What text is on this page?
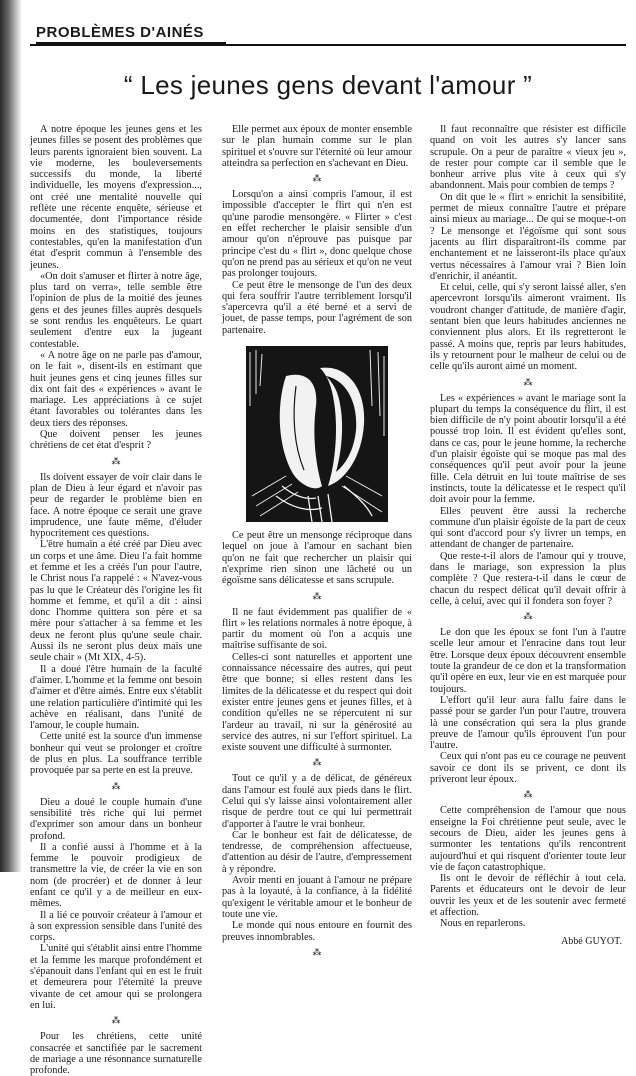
PROBLÈMES D'AINÉS
“ Les jeunes gens devant l'amour ”

A notre époque les jeunes gens et les jeunes filles se posent des problèmes que leurs parents ignoraient bien souvent. La vie moderne, les bouleversements successifs du monde, la liberté individuelle, les moyens d'expression..., ont créé une mentalité nouvelle qui reflète une récente enquête, sérieuse et documentée, dont l'importance réside moins en des statistiques, toujours contestables, qu'en la manifestation d'un état d'esprit commun à l'ensemble des jeunes.

«On doit s'amuser et flirter à notre âge, plus tard on verra», telle semble être l'opinion de plus de la moitié des jeunes gens et des jeunes filles auprès desquels se sont rendus les enquêteurs. Le quart seulement d'entre eux la jugeant contestable.

« A notre âge on ne parle pas d'amour, on le fait », disent-ils en estimant que huit jeunes gens et cinq jeunes filles sur dix ont fait des « expériences » avant le mariage. Les appréciations à ce sujet étant favorables ou tolérantes dans les deux tiers des réponses.

Que doivent penser les jeunes chrétiens de cet état d'esprit ?

⁂

Ils doivent essayer de voir clair dans le plan de Dieu à leur égard et n'avoir pas peur de regarder le problème bien en face. A notre époque ce serait une grave imprudence, une faute même, d'éluder hypocritement ces questions.

L'être humain a été créé par Dieu avec un corps et une âme. Dieu l'a fait homme et femme et les a créés l'un pour l'autre, le Christ nous l'a rappelé : « N'avez-vous pas lu que le Créateur dès l'origine les fit homme et femme, et qu'il a dit : ainsi donc l'homme quittera son père et sa mère pour s'attacher à sa femme et les deux ne feront plus qu'une seule chair. Aussi ils ne seront plus deux mais une seule chair » (Mt XIX, 4-5).

Il a doué l'être humain de la faculté d'aimer. L'homme et la femme ont besoin d'aimer et d'être aimés. Entre eux s'établit une relation particulière d'intimité qui les achève en réalisant, dans l'unité de l'amour, le couple humain.

Cette unité est la source d'un immense bonheur qui veut se prolonger et croître de plus en plus. La souffrance terrible provoquée par sa perte en est la preuve.

⁂

Dieu a doué le couple humain d'une sensibilité très riche qui lui permet d'exprimer son amour dans un bonheur profond.

Il a confié aussi à l'homme et à la femme le pouvoir prodigieux de transmettre la vie, de créer la vie en son nom (de procréer) et de donner à leur enfant ce qu'il y a de meilleur en eux-mêmes.

Il a lié ce pouvoir créateur à l'amour et à son expression sensible dans l'unité des corps.

L'unité qui s'établit ainsi entre l'homme et la femme les marque profondément et s'épanouit dans l'enfant qui en est le fruit et demeurera pour l'éternité la preuve vivante de cet amour qui se prolongera en lui.

⁂

Pour les chrétiens, cette unité consacrée et sanctifiée par le sacrement de mariage a une résonnance surnaturelle profonde.

Elle permet aux époux de monter ensemble sur le plan humain comme sur le plan spirituel et s'ouvre sur l'éternité où leur amour atteindra sa perfection en s'achevant en Dieu.

⁂

Lorsqu'on a ainsi compris l'amour, il est impossible d'accepter le flirt qui n'en est qu'une parodie mensongère. « Flirter » c'est en effet rechercher le plaisir sensible d'un amour qu'on n'éprouve pas puisque par principe c'est du « flirt », donc quelque chose qu'on ne prend pas au sérieux et qu'on ne veut pas prolonger toujours.

Ce peut être le mensonge de l'un des deux qui fera souffrir l'autre terriblement lorsqu'il s'apercevra qu'il a été berné et a servi de jouet, de passe temps, pour l'agrément de son partenaire.

Ce peut être un mensonge réciproque dans lequel on joue à l'amour en sachant bien qu'on ne fait que rechercher un plaisir qui n'exprime rien sinon une lâcheté ou un égoïsme sans délicatesse et sans scrupule.

⁂

Il ne faut évidemment pas qualifier de « flirt » les relations normales à notre époque, à partir du moment où l'on a acquis une maîtrise suffisante de soi.

Celles-ci sont naturelles et apportent une connaissance nécessaire des autres, qui peut être que bonne; si elles restent dans les limites de la délicatesse et du respect qui doit exister entre jeunes gens et jeunes filles, et à condition qu'elles ne se répercutent ni sur l'ardeur au travail, ni sur la générosité au service des autres, ni sur l'effort spirituel. La existe souvent une difficulté à surmonter.

⁂

Tout ce qu'il y a de délicat, de généreux dans l'amour est foulé aux pieds dans le flirt. Celui qui s'y laisse ainsi volontairement aller risque de perdre tout ce qui lui permettrait d'apporter à l'autre le vrai bonheur.

Car le bonheur est fait de délicatesse, de tendresse, de compréhension affectueuse, d'attention au désir de l'autre, d'empressement à y répondre.

Avoir menti en jouant à l'amour ne prépare pas à la loyauté, à la confiance, à la fidélité qu'exigent le véritable amour et le bonheur de toute une vie.

Le monde qui nous entoure en fournit des preuves innombrables.

⁂

Il faut reconnaître que résister est difficile quand on voit les autres s'y lancer sans scrupule. On a peur de paraître « vieux jeu », de rester pour compte car il semble que le bonheur arrive plus vite à ceux qui s'y abandonnent. Mais pour combien de temps ?

On dit que le « flirt » enrichit la sensibilité, permet de mieux connaître l'autre et prépare ainsi mieux au mariage... De qui se moque-t-on ? Le mensonge et l'égoïsme qui sont sous jacents au flirt disparaîtront-ils comme par enchantement et ne laisseront-ils place qu'aux vertus nécessaires à l'amour vrai ? Bien loin d'enrichir, il anéantit.

Et celui, celle, qui s'y seront laissé aller, s'en apercevront lorsqu'ils aimeront vraiment. Ils voudront changer d'attitude, de manière d'agir, sentant bien que leurs habitudes anciennes ne conviennent plus alors. Et ils regretteront le passé. A moins que, repris par leurs habitudes, ils y retournent pour le malheur de celui ou de celle qu'ils auront aimé un moment.

⁂

Les « expériences » avant le mariage sont la plupart du temps la conséquence du flirt, il est bien difficile de n'y point aboutir lorsqu'il a été poussé trop loin. Il est évident qu'elles sont, dans ce cas, pour le jeune homme, la recherche d'un plaisir égoïste qui se moque pas mal des conséquences qu'il peut avoir pour la jeune fille. Cela détruit en lui toute maîtrise de ses instincts, toute la délicatesse et le respect qu'il doit avoir pour la femme.

Elles peuvent être aussi la recherche commune d'un plaisir égoïste de la part de ceux qui sont d'accord pour s'y livrer un temps, en attendant de changer de partenaire.

Que reste-t-il alors de l'amour qui y trouve, dans le mariage, son expression la plus complète ? Que restera-t-il dans le cœur de chacun du respect délicat qu'il devait offrir à celle, à celui, avec qui il fondera son foyer ?

⁂

Le don que les époux se font l'un à l'autre scelle leur amour et l'enracine dans tout leur être. Lorsque deux époux découvrent ensemble toute la grandeur de ce don et la transformation qu'il opère en eux, leur vie en est marquée pour toujours.

L'effort qu'il leur aura fallu faire dans le passé pour se garder l'un pour l'autre, trouvera là une consécration qui sera la plus grande preuve de l'amour qu'ils éprouvent l'un pour l'autre.

Ceux qui n'ont pas eu ce courage ne peuvent savoir ce dont ils se privent, ce dont ils priveront leur époux.

⁂

Cette compréhension de l'amour que nous enseigne la Foi chrétienne peut seule, avec le secours de Dieu, aider les jeunes gens à surmonter les tentations qu'ils rencontrent aujourd'hui et qui risquent d'orienter toute leur vie de façon catastrophique.

Ils ont le devoir de réfléchir à tout cela. Parents et éducateurs ont le devoir de leur ouvrir les yeux et de les soutenir avec fermeté et affection.

Nous en reparlerons.

Abbé GUYOT.
